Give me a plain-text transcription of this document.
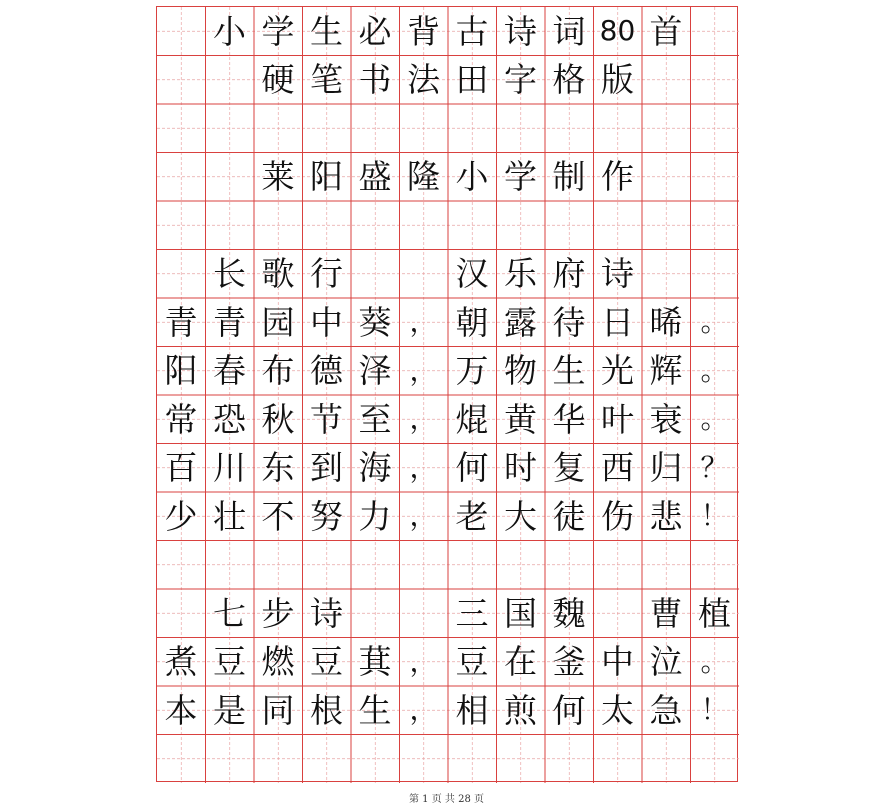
小 学 生 必 背 古 诗 词 80 首
硬 笔 书 法 田 字 格 版
莱 阳 盛 隆 小 学 制 作
长 歌 行	汉 乐 府 诗
青 青 园 中 葵 ， 朝 露 待 日 晞 。
阳 春 布 德 泽 ， 万 物 生 光 辉 。
常 恐 秋 节 至 ， 焜 黄 华 叶 衰 。
百 川 东 到 海 ， 何 时 复 西 归 ？
少 壮 不 努 力 ， 老 大 徒 伤 悲 ！
七 步 诗	三 国 魏 曹 植
煮 豆 燃 豆 萁 ， 豆 在 釜 中 泣 。
本 是 同 根 生 ， 相 煎 何 太 急 ！
第 1 页 共 28 页
